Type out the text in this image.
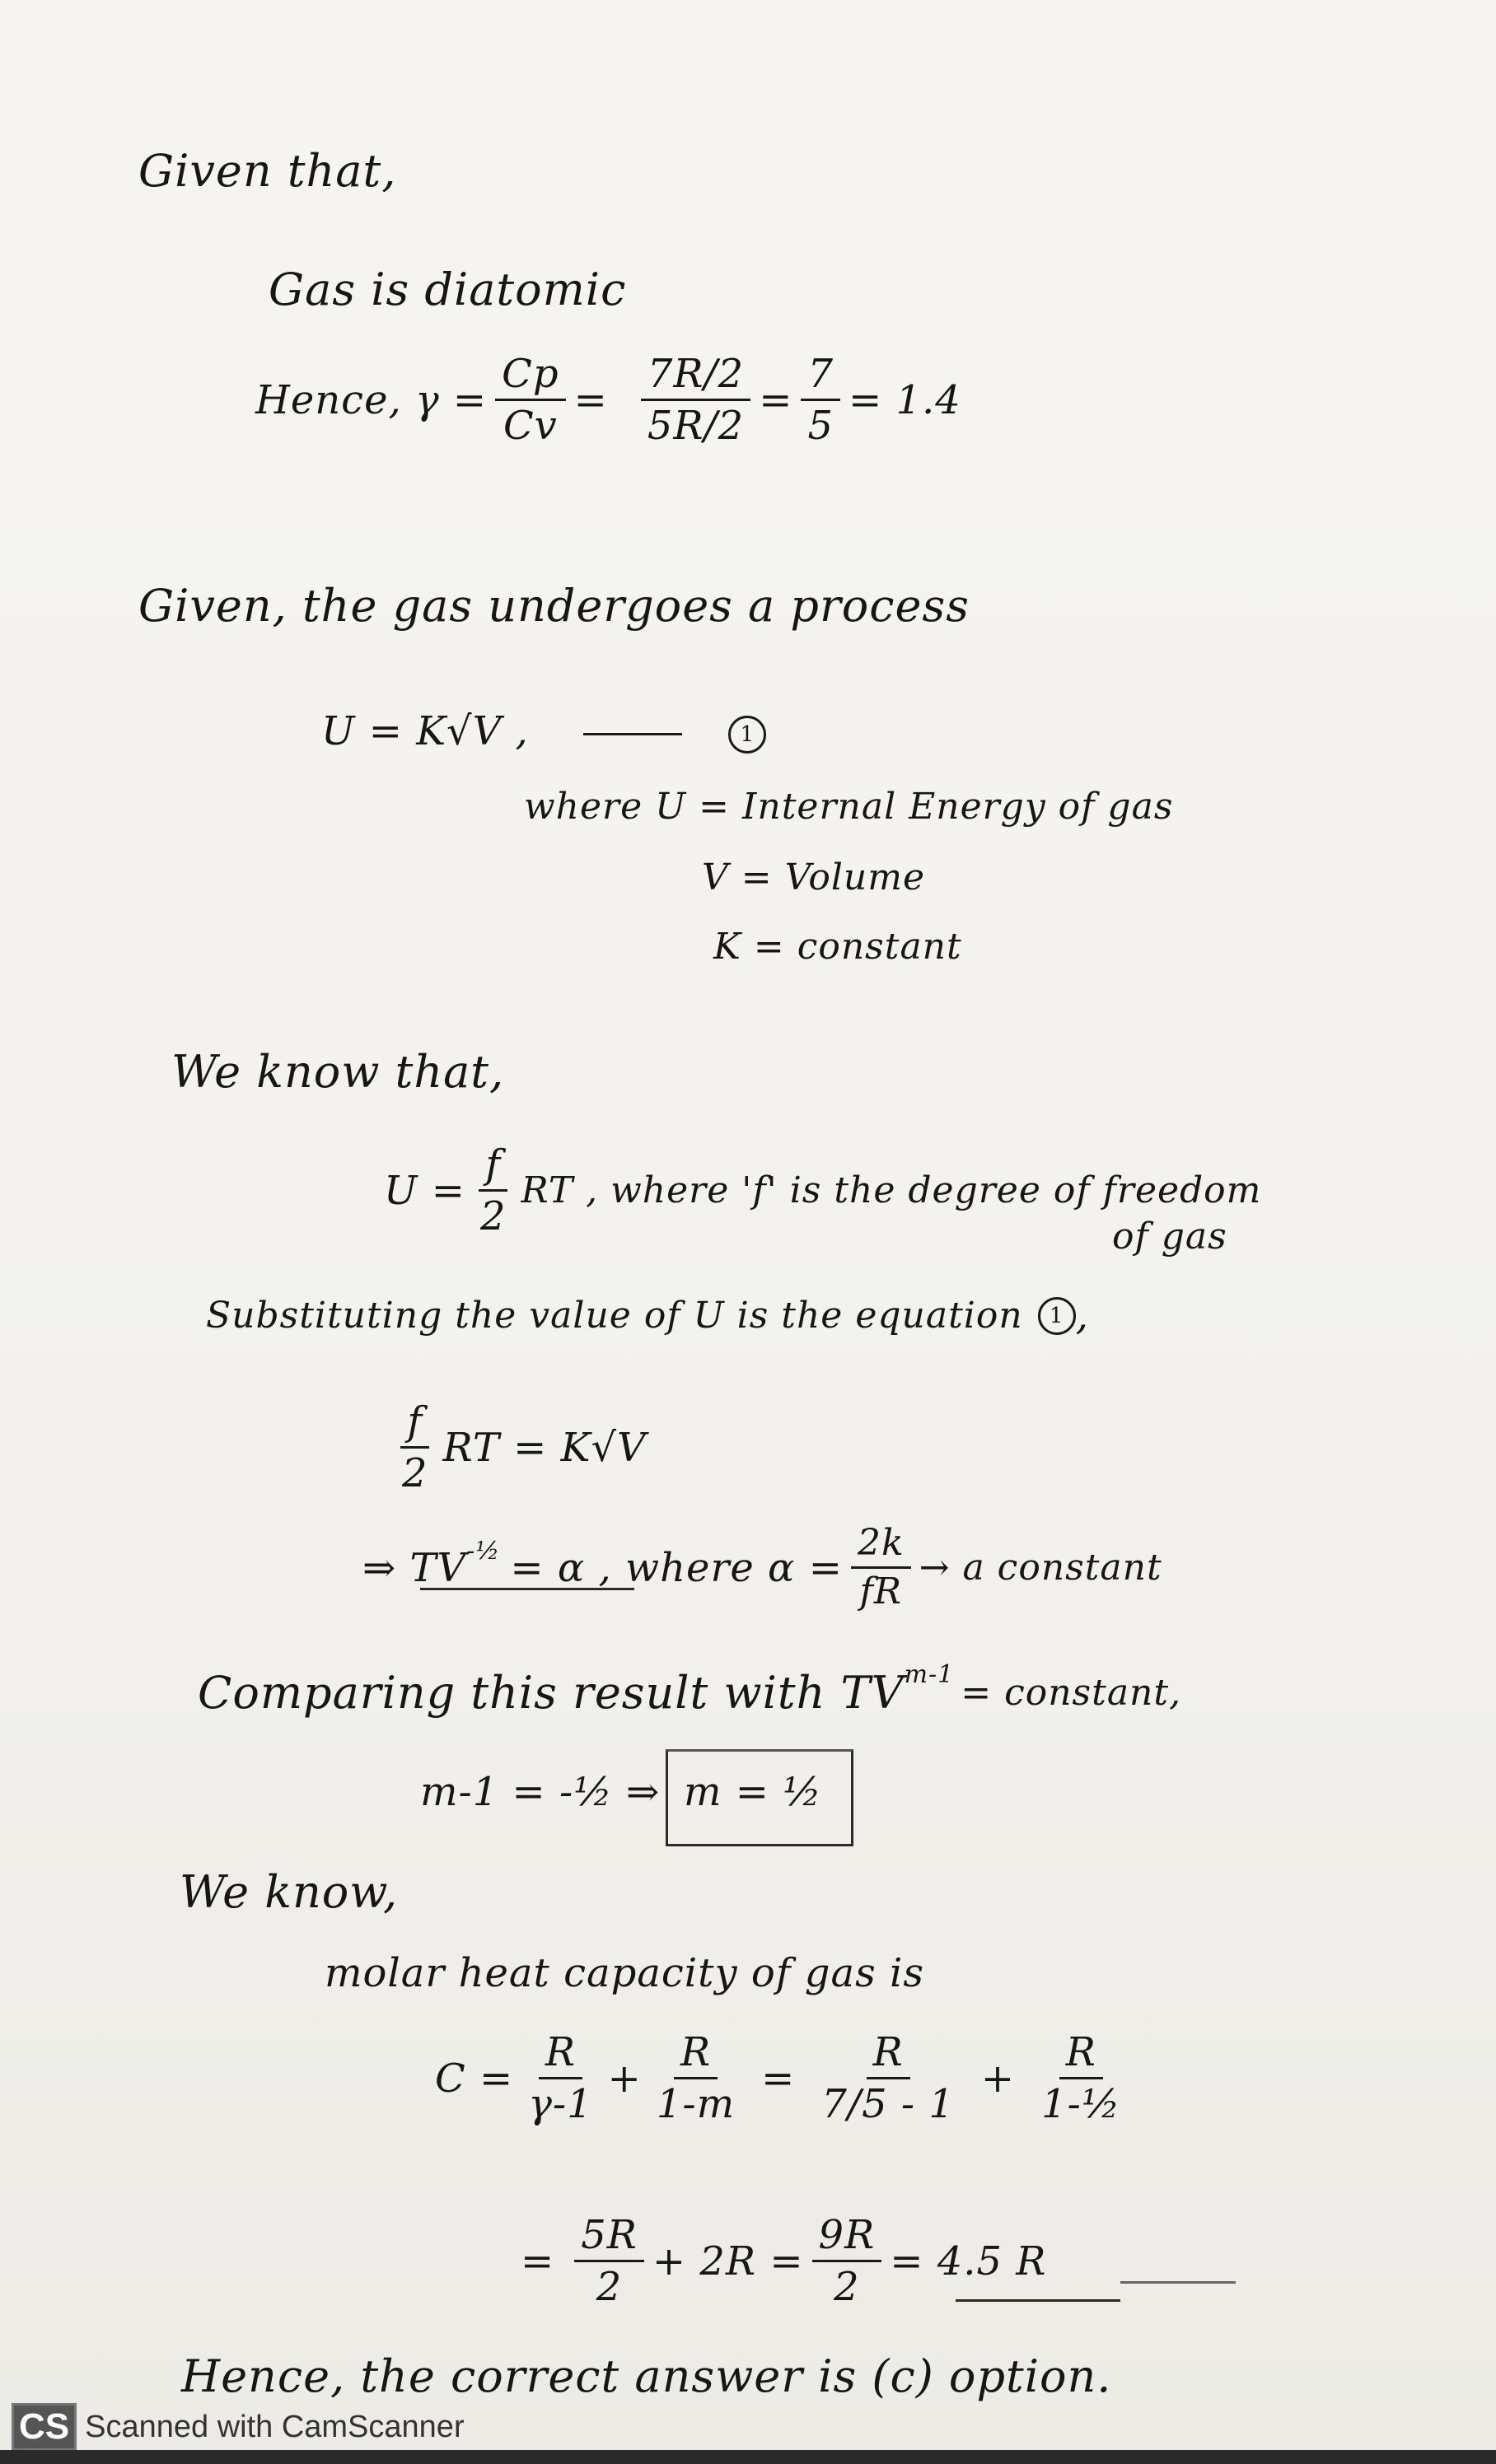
Given that,
Gas is diatomic
Hence, $\gamma = \frac{Cp}{Cv} = \frac{7R/2}{5R/2} = \frac{7}{5} = 1.4$
Given, the gas undergoes a process
U = K√V ,	1
where U = Internal Energy of gas
V = Volume
K = constant
We know that,
$U = \frac{f}{2}$ RT , where 'f' is the degree of freedom
of gas
Substituting the value of U is the equation	1 ,
$\frac{f}{2}$ RT = K√V
⇒ TV -½ = α , where $\alpha = \frac{2k}{fR} \to a$ constant
Comparing this result with TV m-1 = constant,
m-1 = -½ ⇒ m = ½
We know,
molar heat capacity of gas is
$C = \frac{R}{\gamma-1} + \frac{R}{1-m} = \frac{R}{7/5 - 1} + \frac{R}{\text{1-½}}$
= $\frac{5R}{2} + 2R = \frac{9R}{2} = 4.5$ R
Hence, the correct answer is (c) option.
CS Scanned with CamScanner
